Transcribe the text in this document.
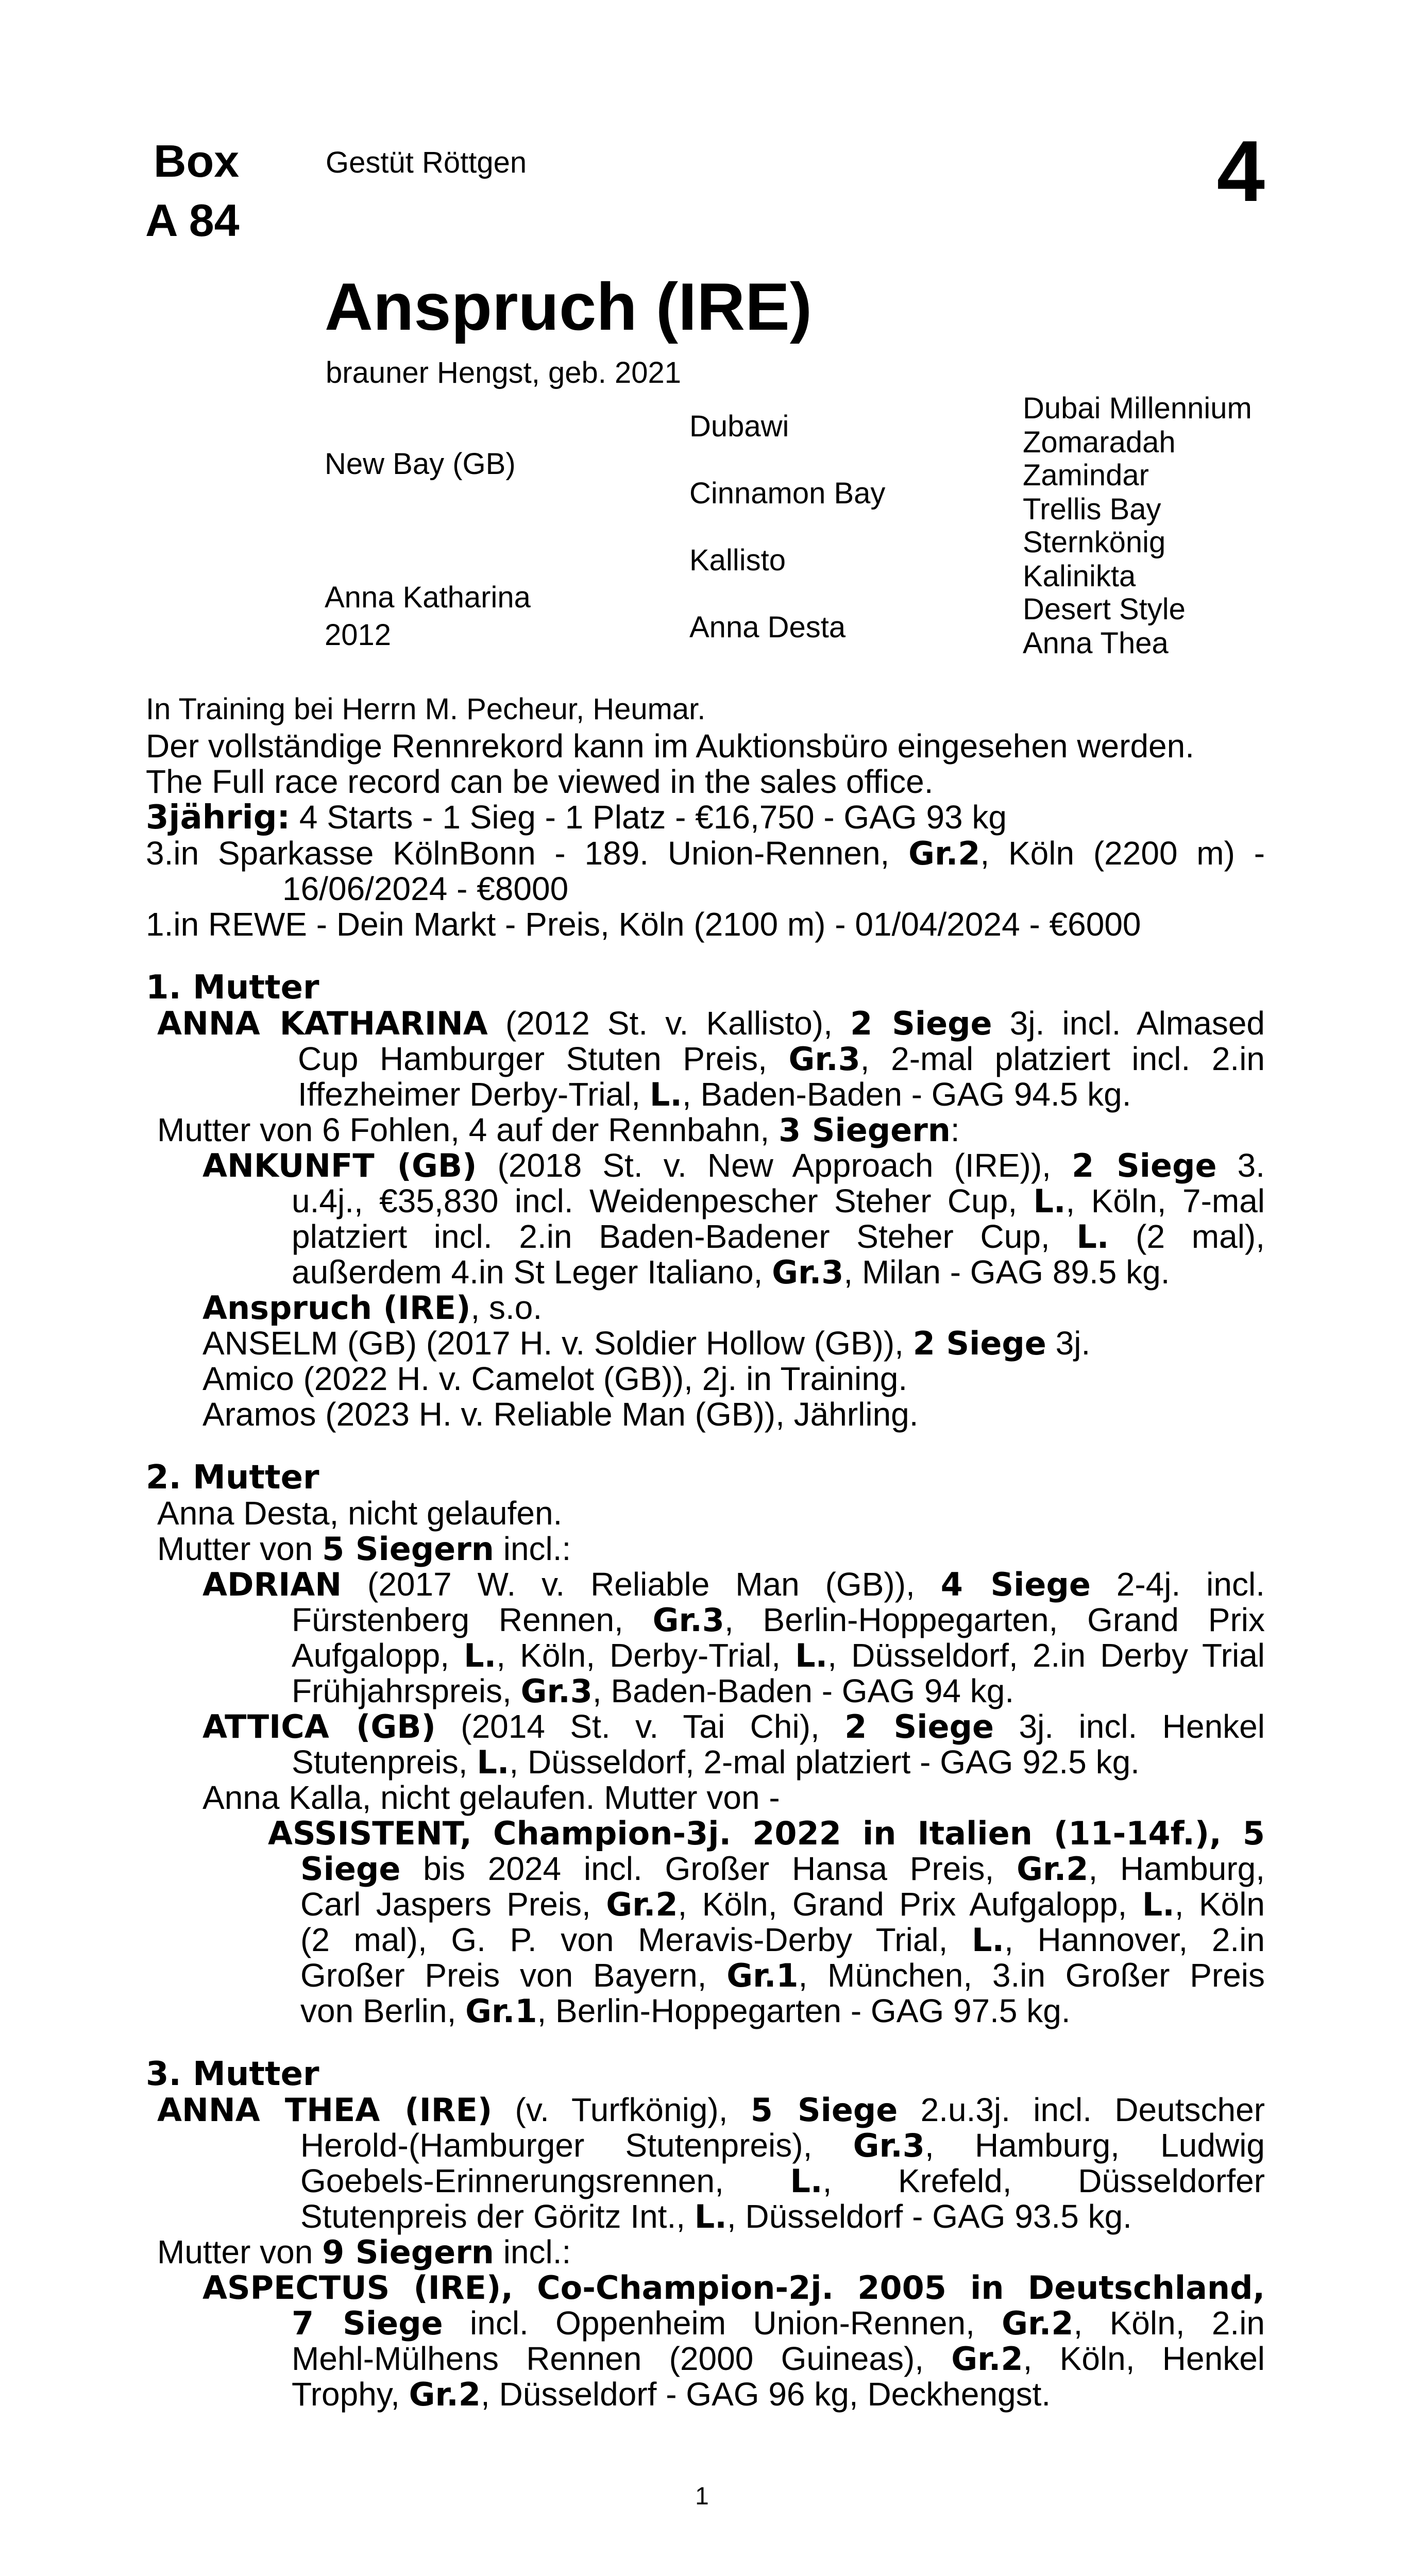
Box
A 84
Gestüt Röttgen	4
Anspruch (IRE)
brauner Hengst, geb. 2021
New Bay (GB)
Anna Katharina
2012
Dubawi
Cinnamon Bay
Kallisto
Anna Desta
Dubai Millennium
Zomaradah
Zamindar
Trellis Bay
Sternkönig
Kalinikta
Desert Style
Anna Thea
In Training bei Herrn M. Pecheur, Heumar.
Der vollständige Rennrekord kann im Auktionsbüro eingesehen werden.
The Full race record can be viewed in the sales office.
3jährig: 4 Starts - 1 Sieg - 1 Platz - €16,750 - GAG 93 kg
3.in Sparkasse KölnBonn - 189. Union-Rennen, Gr.2, Köln (2200 m) -
16/06/2024 - €8000
1.in REWE - Dein Markt - Preis, Köln (2100 m) - 01/04/2024 - €6000
1. Mutter
ANNA KATHARINA (2012 St. v. Kallisto), 2 Siege 3j. incl. Almased
Cup Hamburger Stuten Preis, Gr.3, 2-mal platziert incl. 2.in
Iffezheimer Derby-Trial, L., Baden-Baden - GAG 94.5 kg.
Mutter von 6 Fohlen, 4 auf der Rennbahn, 3 Siegern:
ANKUNFT (GB) (2018 St. v. New Approach (IRE)), 2 Siege 3.
u.4j., €35,830 incl. Weidenpescher Steher Cup, L., Köln, 7-mal
platziert incl. 2.in Baden-Badener Steher Cup, L. (2 mal),
außerdem 4.in St Leger Italiano, Gr.3, Milan - GAG 89.5 kg.
Anspruch (IRE), s.o.
ANSELM (GB) (2017 H. v. Soldier Hollow (GB)), 2 Siege 3j.
Amico (2022 H. v. Camelot (GB)), 2j. in Training.
Aramos (2023 H. v. Reliable Man (GB)), Jährling.
2. Mutter
Anna Desta, nicht gelaufen.
Mutter von 5 Siegern incl.:
ADRIAN (2017 W. v. Reliable Man (GB)), 4 Siege 2-4j. incl.
Fürstenberg Rennen, Gr.3, Berlin-Hoppegarten, Grand Prix
Aufgalopp, L., Köln, Derby-Trial, L., Düsseldorf, 2.in Derby Trial
Frühjahrspreis, Gr.3, Baden-Baden - GAG 94 kg.
ATTICA (GB) (2014 St. v. Tai Chi), 2 Siege 3j. incl. Henkel
Stutenpreis, L., Düsseldorf, 2-mal platziert - GAG 92.5 kg.
Anna Kalla, nicht gelaufen. Mutter von -
ASSISTENT, Champion-3j. 2022 in Italien (11-14f.), 5
Siege bis 2024 incl. Großer Hansa Preis, Gr.2, Hamburg,
Carl Jaspers Preis, Gr.2, Köln, Grand Prix Aufgalopp, L., Köln
(2 mal), G. P. von Meravis-Derby Trial, L., Hannover, 2.in
Großer Preis von Bayern, Gr.1, München, 3.in Großer Preis
von Berlin, Gr.1, Berlin-Hoppegarten - GAG 97.5 kg.
3. Mutter
ANNA THEA (IRE) (v. Turfkönig), 5 Siege 2.u.3j. incl. Deutscher
Herold-(Hamburger Stutenpreis), Gr.3, Hamburg, Ludwig
Goebels-Erinnerungsrennen, L., Krefeld, Düsseldorfer
Stutenpreis der Göritz Int., L., Düsseldorf - GAG 93.5 kg.
Mutter von 9 Siegern incl.:
ASPECTUS (IRE), Co-Champion-2j. 2005 in Deutschland,
7 Siege incl. Oppenheim Union-Rennen, Gr.2, Köln, 2.in
Mehl-Mülhens Rennen (2000 Guineas), Gr.2, Köln, Henkel
Trophy, Gr.2, Düsseldorf - GAG 96 kg, Deckhengst.
1
